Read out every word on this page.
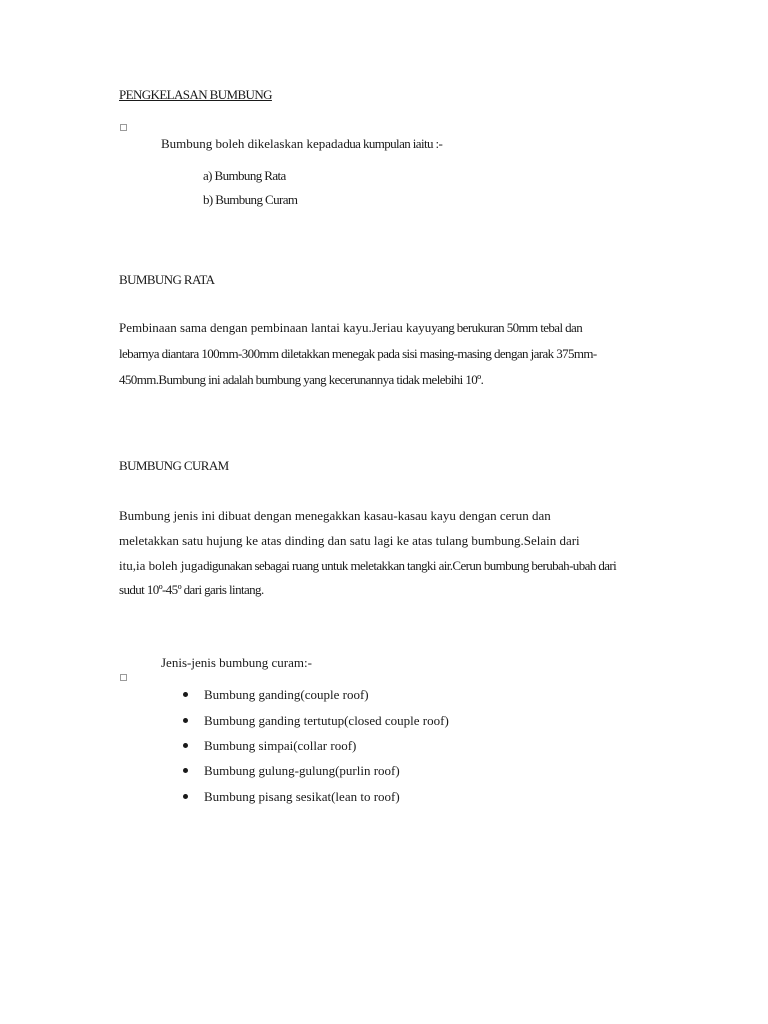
PENGKELASAN BUMBUNG
Bumbung boleh dikelaskan kepadadua kumpulan iaitu :-
a) Bumbung Rata
b) Bumbung Curam
BUMBUNG RATA
Pembinaan sama dengan pembinaan lantai kayu.Jeriau kayuyang berukuran 50mm tebal dan
lebarnya diantara 100mm-300mm diletakkan menegak pada sisi masing-masing dengan jarak 375mm-
450mm.Bumbung ini adalah bumbung yang kecerunannya tidak melebihi 10º.
BUMBUNG CURAM
Bumbung jenis ini dibuat dengan menegakkan kasau-kasau kayu dengan cerun dan
meletakkan satu hujung ke atas dinding dan satu lagi ke atas tulang bumbung.Selain dari
itu,ia boleh jugadigunakan sebagai ruang untuk meletakkan tangki air.Cerun bumbung berubah-ubah dari
sudut 10º-45º dari garis lintang.
Jenis-jenis bumbung curam:-
Bumbung ganding(couple roof)
Bumbung ganding tertutup(closed couple roof)
Bumbung simpai(collar roof)
Bumbung gulung-gulung(purlin roof)
Bumbung pisang sesikat(lean to roof)
